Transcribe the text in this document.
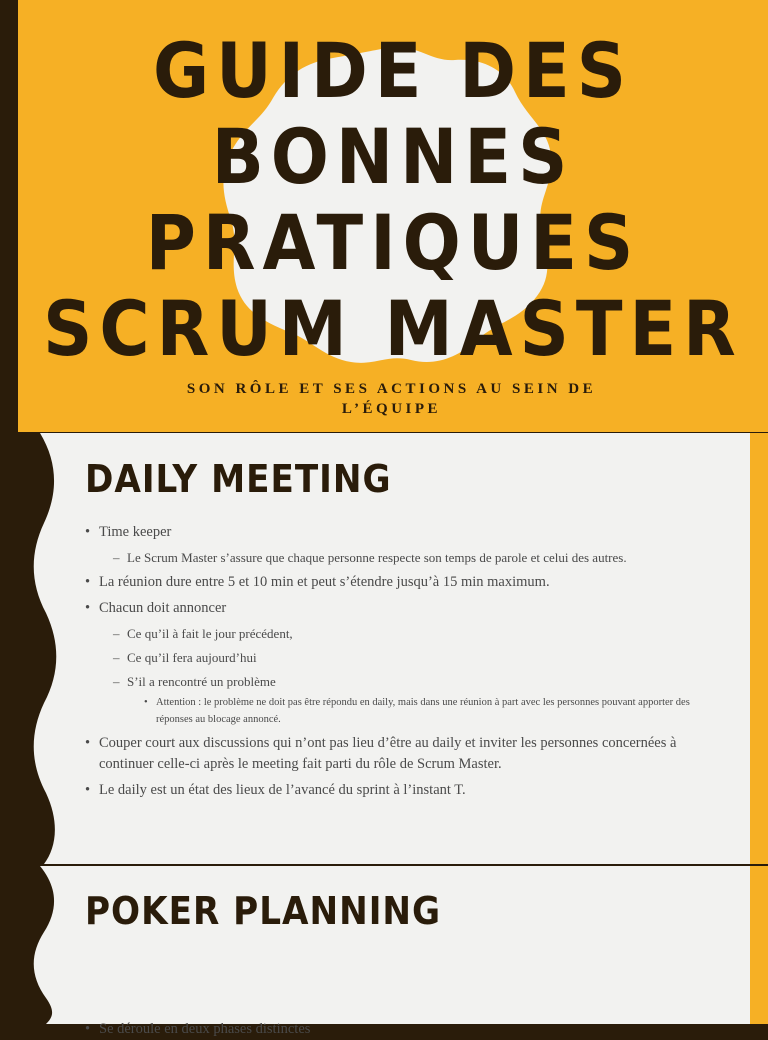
GUIDE DES BONNES PRATIQUES SCRUM MASTER
SON RÔLE ET SES ACTIONS AU SEIN DE L’ÉQUIPE
DAILY MEETING
• Time keeper
– Le Scrum Master s’assure que chaque personne respecte son temps de parole et celui des autres.
• La réunion dure entre 5 et 10 min et peut s’étendre jusqu’à 15 min maximum.
• Chacun doit annoncer
– Ce qu’il à fait le jour précédent,
– Ce qu’il fera aujourd’hui
– S’il a rencontré un problème
• Attention : le problème ne doit pas être répondu en daily, mais dans une réunion à part avec les personnes pouvant apporter des réponses au blocage annoncé.
• Couper court aux discussions qui n’ont pas lieu d’être au daily et inviter les personnes concernées à continuer celle-ci après le meeting fait parti du rôle de Scrum Master.
• Le daily est un état des lieux de l’avancé du sprint à l’instant T.
POKER PLANNING
• Se déroule en deux phases distinctes
